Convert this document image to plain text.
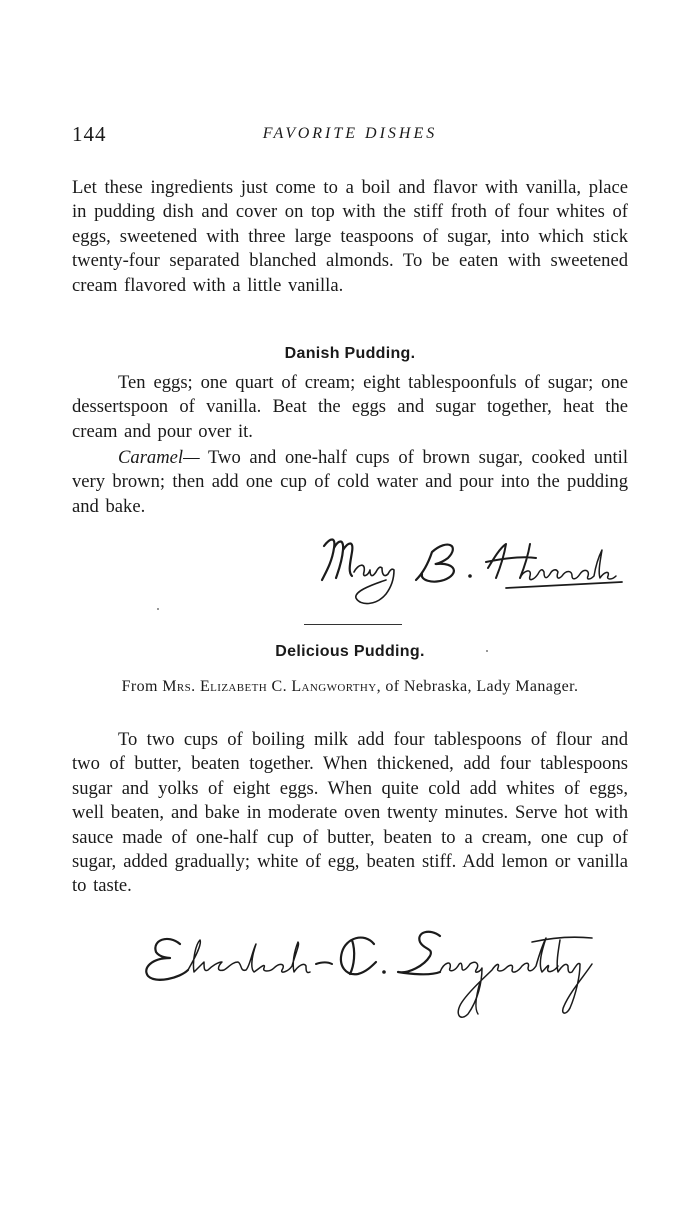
144	FAVORITE DISHES

Let these ingredients just come to a boil and flavor with vanilla, place in pudding dish and cover on top with the stiff froth of four whites of eggs, sweetened with three large teaspoons of sugar, into which stick twenty-four separated blanched almonds. To be eaten with sweetened cream flavored with a little vanilla.

Danish Pudding.

Ten eggs; one quart of cream; eight tablespoonfuls of sugar; one dessertspoon of vanilla. Beat the eggs and sugar together, heat the cream and pour over it.

Caramel— Two and one-half cups of brown sugar, cooked until very brown; then add one cup of cold water and pour into the pudding and bake.

Delicious Pudding.

From Mrs. Elizabeth C. Langworthy, of Nebraska, Lady Manager.

To two cups of boiling milk add four tablespoons of flour and two of butter, beaten together. When thickened, add four tablespoons sugar and yolks of eight eggs. When quite cold add whites of eggs, well beaten, and bake in moderate oven twenty minutes. Serve hot with sauce made of one-half cup of butter, beaten to a cream, one cup of sugar, added gradually; white of egg, beaten stiff. Add lemon or vanilla to taste.
